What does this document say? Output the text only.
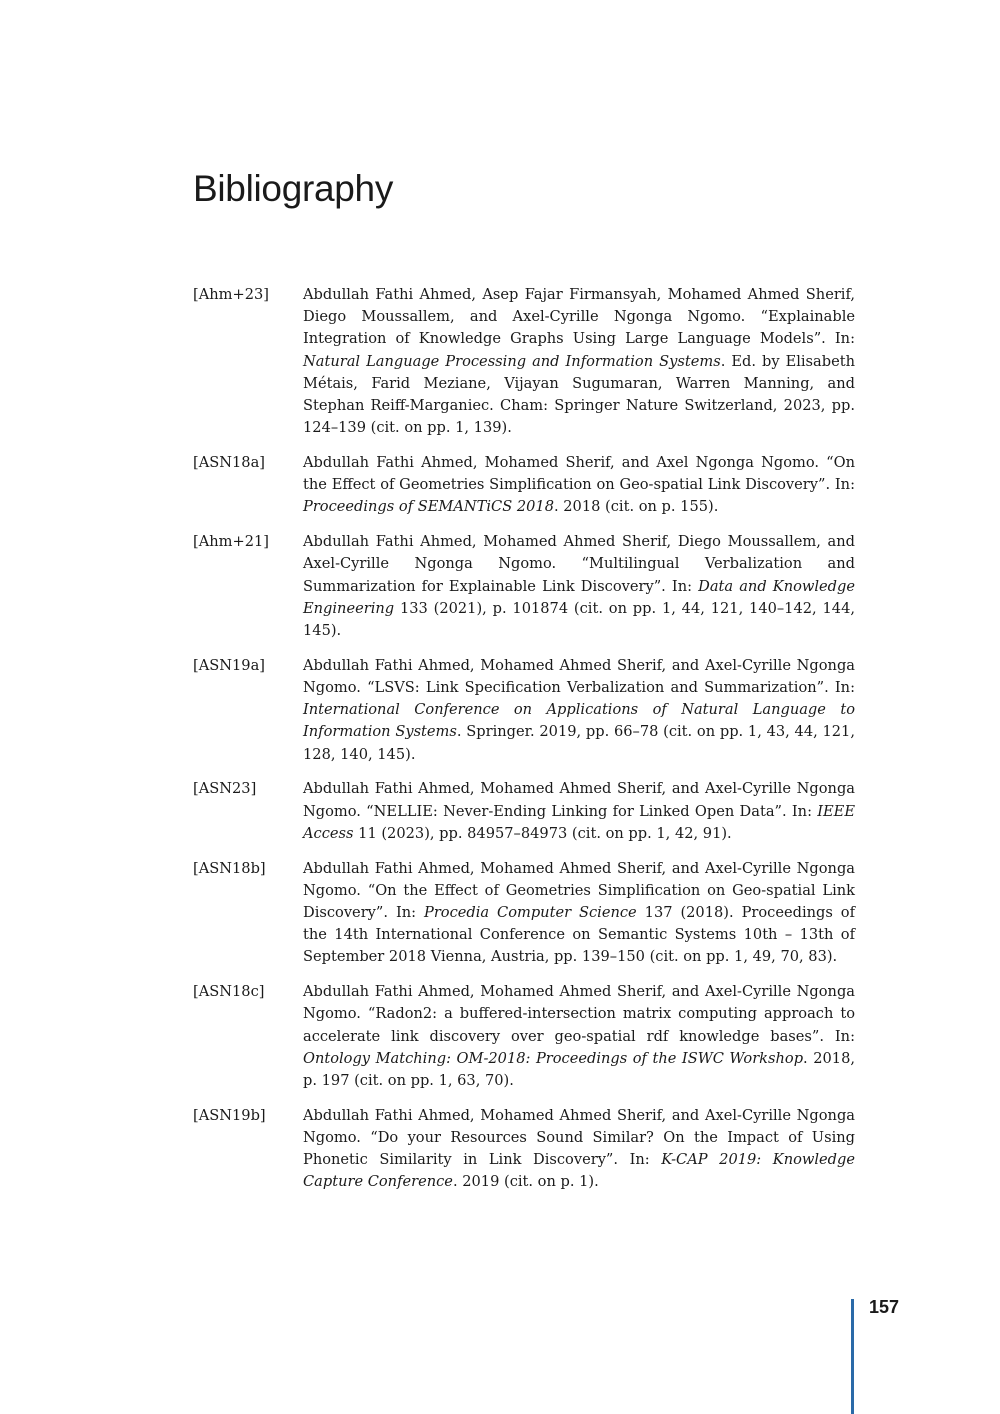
Bibliography
[Ahm+23]	Abdullah Fathi Ahmed, Asep Fajar Firmansyah, Mohamed Ahmed Sherif, Diego Moussallem, and Axel-Cyrille Ngonga Ngomo. “Explainable Integration of Knowledge Graphs Using Large Language Models”. In: Natural Language Processing and Information Systems. Ed. by Elisabeth Métais, Farid Meziane, Vijayan Sugumaran, Warren Manning, and Stephan Reiff-Marganiec. Cham: Springer Nature Switzerland, 2023, pp. 124–139 (cit. on pp. 1, 139).
[ASN18a]	Abdullah Fathi Ahmed, Mohamed Sherif, and Axel Ngonga Ngomo. “On the Effect of Geometries Simplification on Geo-spatial Link Discovery”. In: Proceedings of SEMANTiCS 2018. 2018 (cit. on p. 155).
[Ahm+21]	Abdullah Fathi Ahmed, Mohamed Ahmed Sherif, Diego Moussallem, and Axel-Cyrille Ngonga Ngomo. “Multilingual Verbalization and Summarization for Explainable Link Discovery”. In: Data and Knowledge Engineering 133 (2021), p. 101874 (cit. on pp. 1, 44, 121, 140–142, 144, 145).
[ASN19a]	Abdullah Fathi Ahmed, Mohamed Ahmed Sherif, and Axel-Cyrille Ngonga Ngomo. “LSVS: Link Specification Verbalization and Summarization”. In: International Conference on Applications of Natural Language to Information Systems. Springer. 2019, pp. 66–78 (cit. on pp. 1, 43, 44, 121, 128, 140, 145).
[ASN23]	Abdullah Fathi Ahmed, Mohamed Ahmed Sherif, and Axel-Cyrille Ngonga Ngomo. “NELLIE: Never-Ending Linking for Linked Open Data”. In: IEEE Access 11 (2023), pp. 84957–84973 (cit. on pp. 1, 42, 91).
[ASN18b]	Abdullah Fathi Ahmed, Mohamed Ahmed Sherif, and Axel-Cyrille Ngonga Ngomo. “On the Effect of Geometries Simplification on Geo-spatial Link Discovery”. In: Procedia Computer Science 137 (2018). Proceedings of the 14th International Conference on Semantic Systems 10th – 13th of September 2018 Vienna, Austria, pp. 139–150 (cit. on pp. 1, 49, 70, 83).
[ASN18c]	Abdullah Fathi Ahmed, Mohamed Ahmed Sherif, and Axel-Cyrille Ngonga Ngomo. “Radon2: a buffered-intersection matrix computing approach to accelerate link discovery over geo-spatial rdf knowledge bases”. In: Ontology Matching: OM-2018: Proceedings of the ISWC Workshop. 2018, p. 197 (cit. on pp. 1, 63, 70).
[ASN19b]	Abdullah Fathi Ahmed, Mohamed Ahmed Sherif, and Axel-Cyrille Ngonga Ngomo. “Do your Resources Sound Similar? On the Impact of Using Phonetic Similarity in Link Discovery”. In: K-CAP 2019: Knowledge Capture Conference. 2019 (cit. on p. 1).
157
